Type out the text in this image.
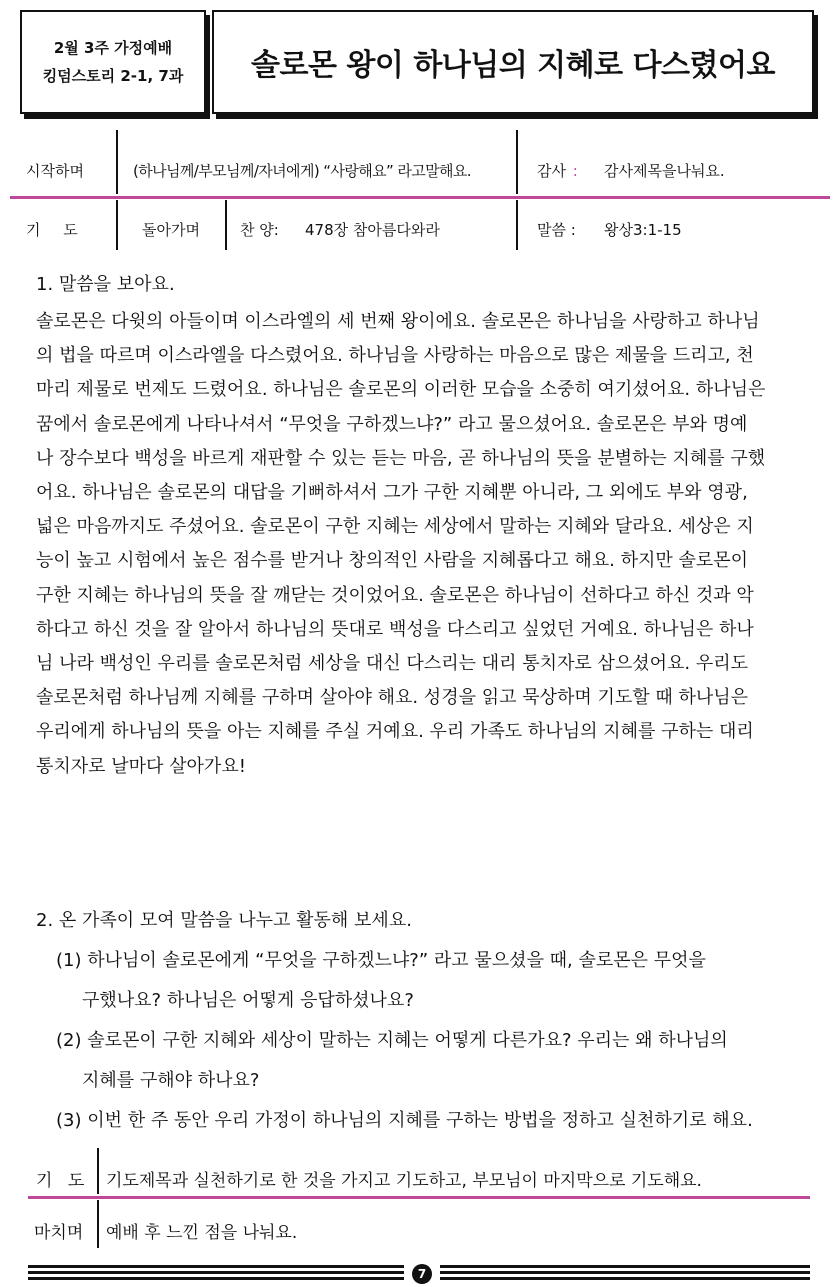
2월 3주 가정예배
킹덤스토리 2-1, 7과 솔로몬 왕이 하나님의 지혜로 다스렸어요
시작하며	(하나님께/부모님께/자녀에게) “사랑해요” 라고말해요.	감사 : 감사제목을나눠요.
기 도	돌아가며	찬 양: 478장 참아름다와라	말씀 : 왕상3:1-15
1. 말씀을 보아요.
솔로몬은 다윗의 아들이며 이스라엘의 세 번째 왕이에요. 솔로몬은 하나님을 사랑하고 하나님
의 법을 따르며 이스라엘을 다스렸어요. 하나님을 사랑하는 마음으로 많은 제물을 드리고, 천
마리 제물로 번제도 드렸어요. 하나님은 솔로몬의 이러한 모습을 소중히 여기셨어요. 하나님은
꿈에서 솔로몬에게 나타나셔서 “무엇을 구하겠느냐?” 라고 물으셨어요. 솔로몬은 부와 명예
나 장수보다 백성을 바르게 재판할 수 있는 듣는 마음, 곧 하나님의 뜻을 분별하는 지혜를 구했
어요. 하나님은 솔로몬의 대답을 기뻐하셔서 그가 구한 지혜뿐 아니라, 그 외에도 부와 영광,
넓은 마음까지도 주셨어요. 솔로몬이 구한 지혜는 세상에서 말하는 지혜와 달라요. 세상은 지
능이 높고 시험에서 높은 점수를 받거나 창의적인 사람을 지혜롭다고 해요. 하지만 솔로몬이
구한 지혜는 하나님의 뜻을 잘 깨닫는 것이었어요. 솔로몬은 하나님이 선하다고 하신 것과 악
하다고 하신 것을 잘 알아서 하나님의 뜻대로 백성을 다스리고 싶었던 거예요. 하나님은 하나
님 나라 백성인 우리를 솔로몬처럼 세상을 대신 다스리는 대리 통치자로 삼으셨어요. 우리도
솔로몬처럼 하나님께 지혜를 구하며 살아야 해요. 성경을 읽고 묵상하며 기도할 때 하나님은
우리에게 하나님의 뜻을 아는 지혜를 주실 거예요. 우리 가족도 하나님의 지혜를 구하는 대리
통치자로 날마다 살아가요!
2. 온 가족이 모여 말씀을 나누고 활동해 보세요.
(1) 하나님이 솔로몬에게 “무엇을 구하겠느냐?” 라고 물으셨을 때, 솔로몬은 무엇을
구했나요? 하나님은 어떻게 응답하셨나요?
(2) 솔로몬이 구한 지혜와 세상이 말하는 지혜는 어떻게 다른가요? 우리는 왜 하나님의
지혜를 구해야 하나요?
(3) 이번 한 주 동안 우리 가정이 하나님의 지혜를 구하는 방법을 정하고 실천하기로 해요.
기 도 기도제목과 실천하기로 한 것을 가지고 기도하고, 부모님이 마지막으로 기도해요.
마치며 예배 후 느낀 점을 나눠요.
7
